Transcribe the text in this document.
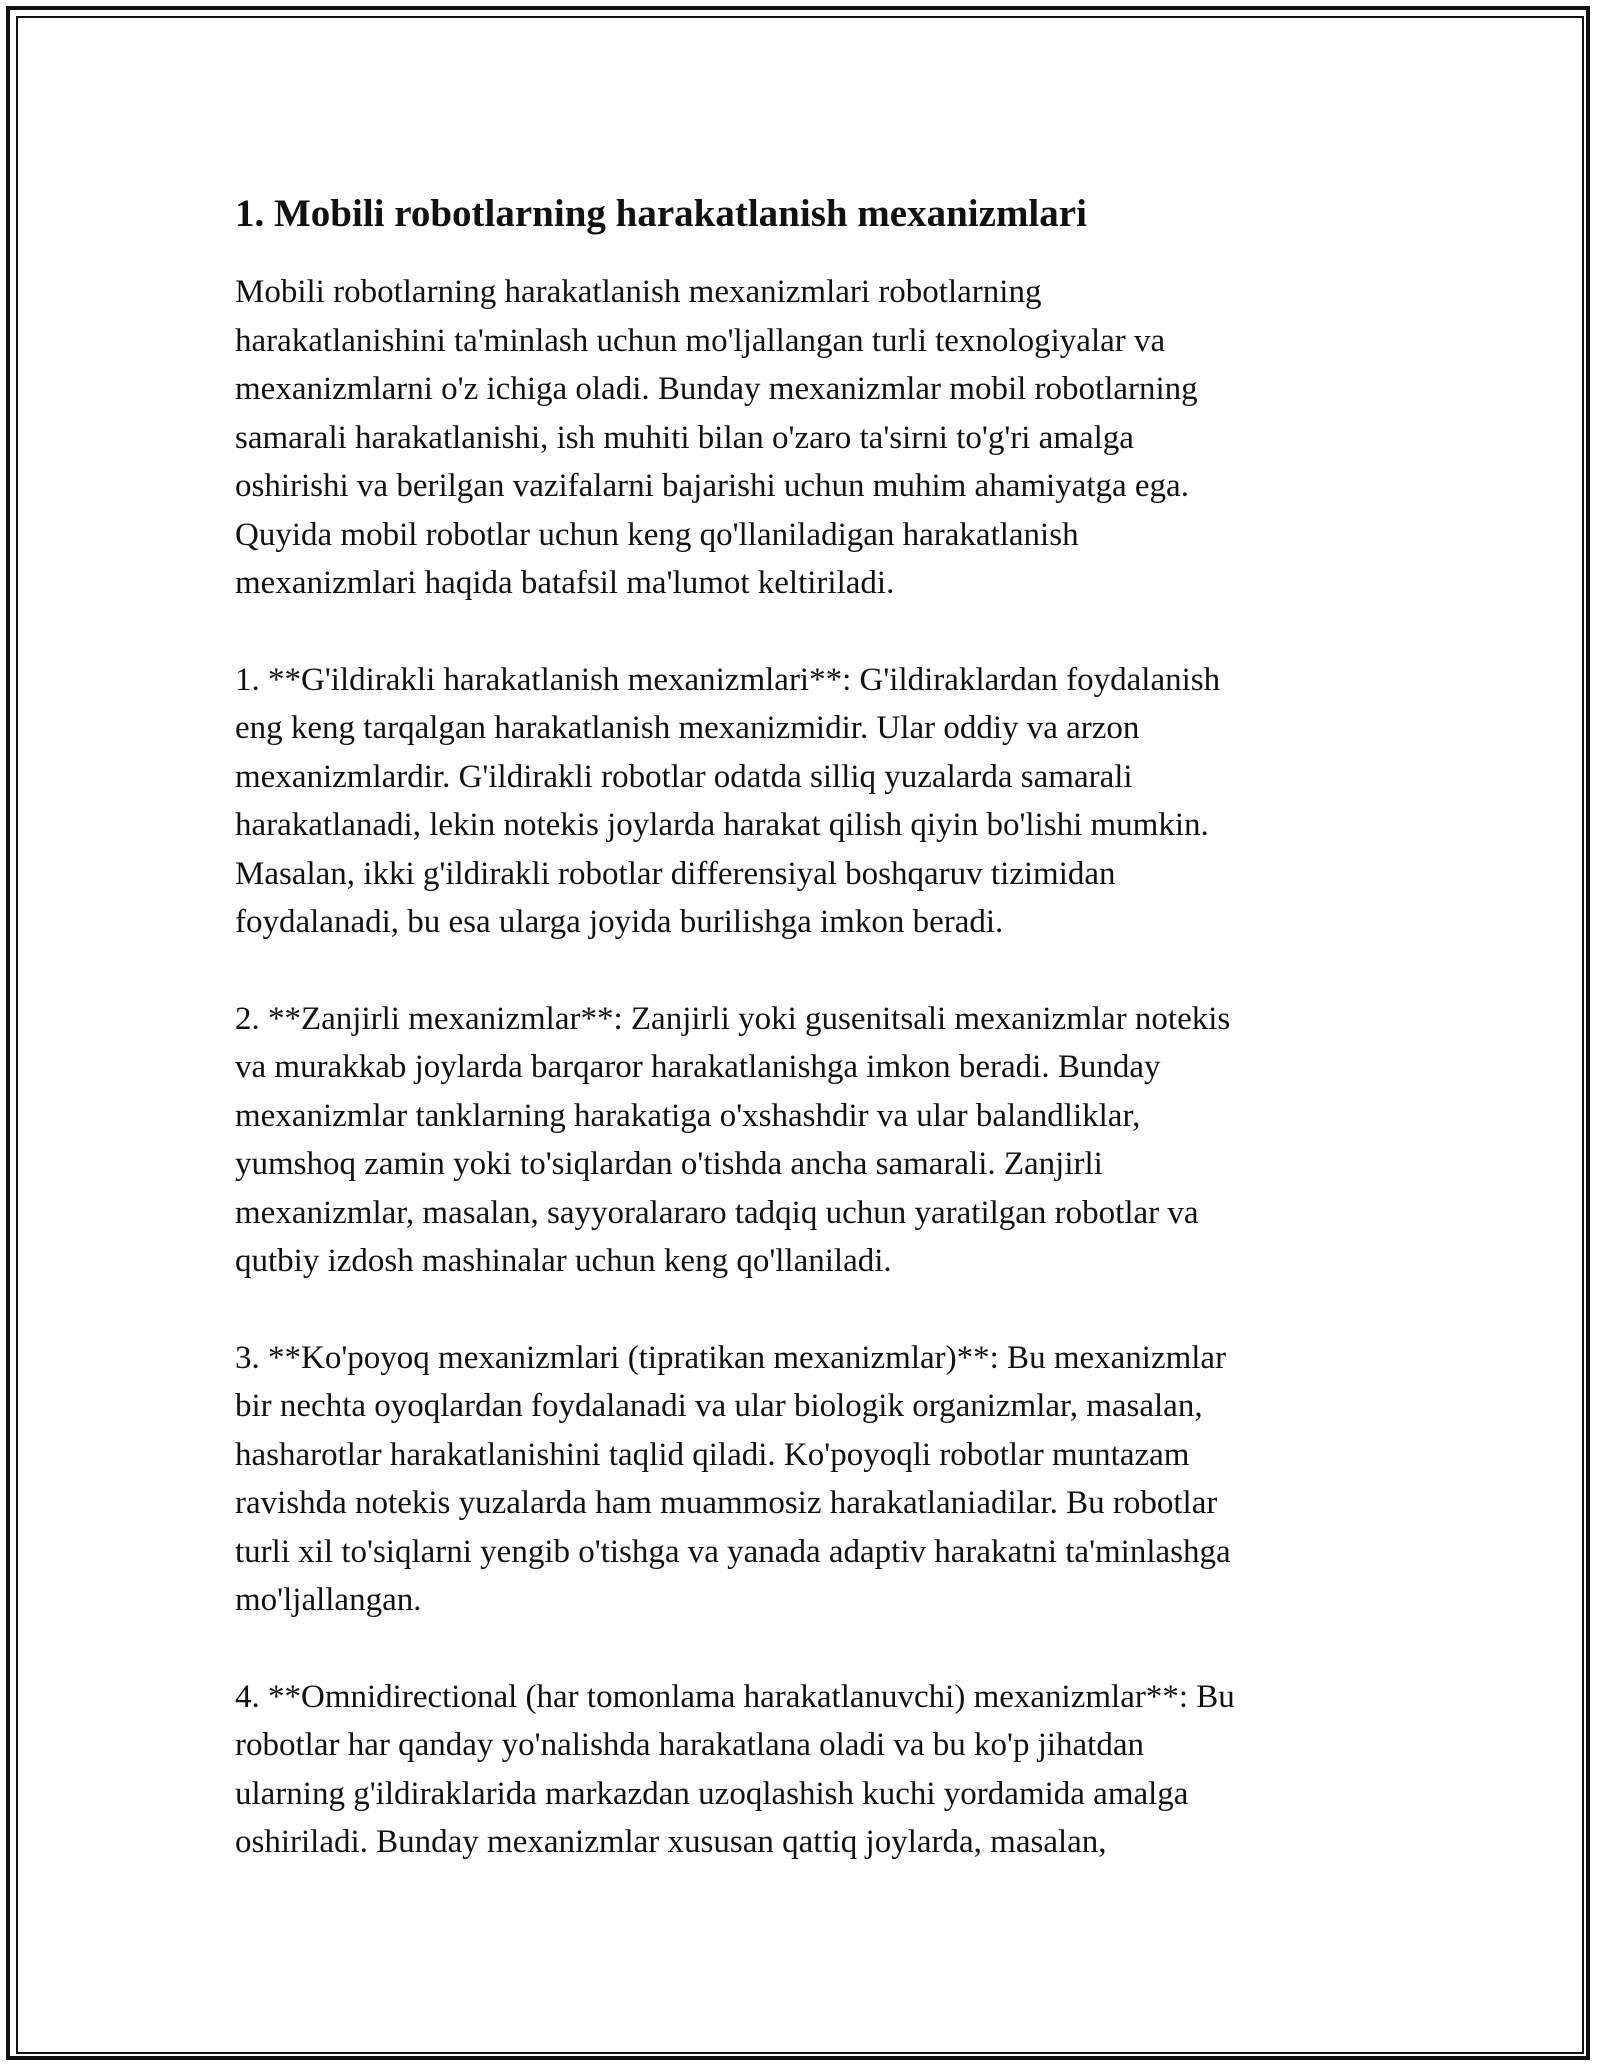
1. Mobili robotlarning harakatlanish mexanizmlari

Mobili robotlarning harakatlanish mexanizmlari robotlarning
harakatlanishini ta'minlash uchun mo'ljallangan turli texnologiyalar va
mexanizmlarni o'z ichiga oladi. Bunday mexanizmlar mobil robotlarning
samarali harakatlanishi, ish muhiti bilan o'zaro ta'sirni to'g'ri amalga
oshirishi va berilgan vazifalarni bajarishi uchun muhim ahamiyatga ega.
Quyida mobil robotlar uchun keng qo'llaniladigan harakatlanish
mexanizmlari haqida batafsil ma'lumot keltiriladi.

1. **G'ildirakli harakatlanish mexanizmlari**: G'ildiraklardan foydalanish
eng keng tarqalgan harakatlanish mexanizmidir. Ular oddiy va arzon
mexanizmlardir. G'ildirakli robotlar odatda silliq yuzalarda samarali
harakatlanadi, lekin notekis joylarda harakat qilish qiyin bo'lishi mumkin.
Masalan, ikki g'ildirakli robotlar differensiyal boshqaruv tizimidan
foydalanadi, bu esa ularga joyida burilishga imkon beradi.

2. **Zanjirli mexanizmlar**: Zanjirli yoki gusenitsali mexanizmlar notekis
va murakkab joylarda barqaror harakatlanishga imkon beradi. Bunday
mexanizmlar tanklarning harakatiga o'xshashdir va ular balandliklar,
yumshoq zamin yoki to'siqlardan o'tishda ancha samarali. Zanjirli
mexanizmlar, masalan, sayyoralararo tadqiq uchun yaratilgan robotlar va
qutbiy izdosh mashinalar uchun keng qo'llaniladi.

3. **Ko'poyoq mexanizmlari (tipratikan mexanizmlar)**: Bu mexanizmlar
bir nechta oyoqlardan foydalanadi va ular biologik organizmlar, masalan,
hasharotlar harakatlanishini taqlid qiladi. Ko'poyoqli robotlar muntazam
ravishda notekis yuzalarda ham muammosiz harakatlaniadilar. Bu robotlar
turli xil to'siqlarni yengib o'tishga va yanada adaptiv harakatni ta'minlashga
mo'ljallangan.

4. **Omnidirectional (har tomonlama harakatlanuvchi) mexanizmlar**: Bu
robotlar har qanday yo'nalishda harakatlana oladi va bu ko'p jihatdan
ularning g'ildiraklarida markazdan uzoqlashish kuchi yordamida amalga
oshiriladi. Bunday mexanizmlar xususan qattiq joylarda, masalan,
